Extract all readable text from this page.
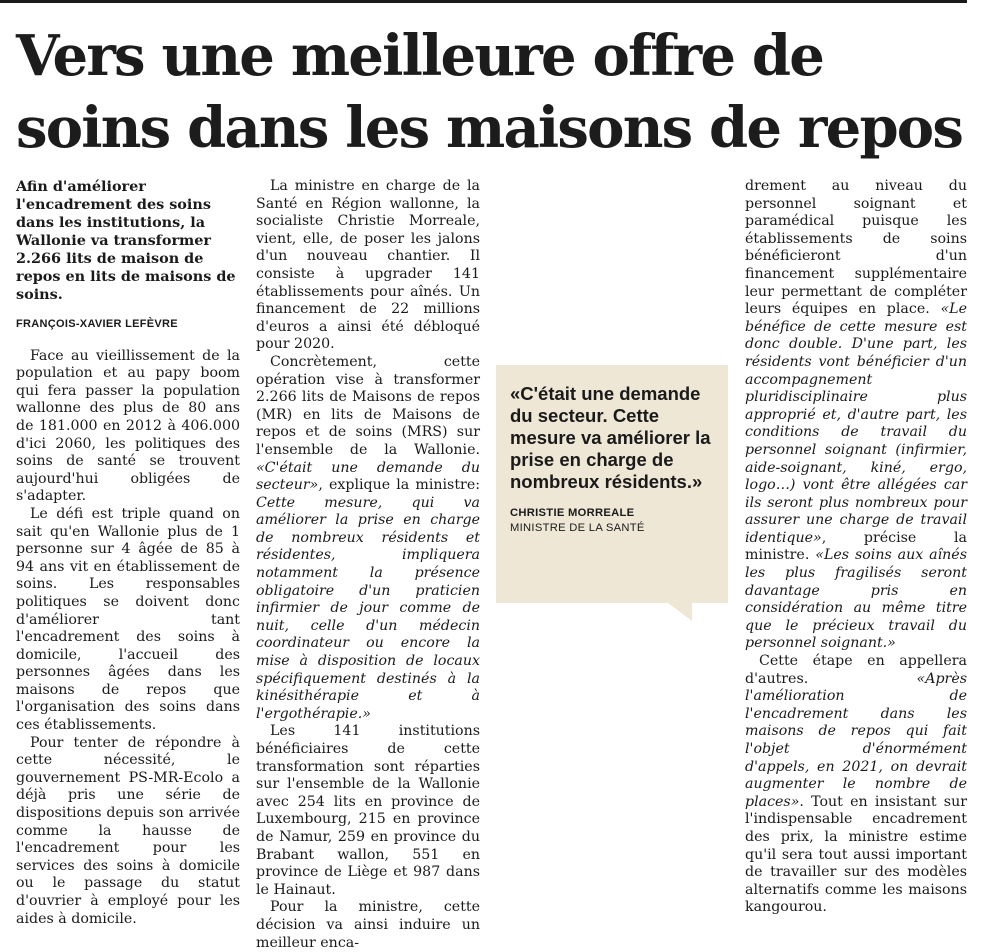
Vers une meilleure offre de soins dans les maisons de repos

Afin d'améliorer l'encadrement des soins dans les institutions, la Wallonie va transformer 2.266 lits de maison de repos en lits de maisons de soins.

FRANÇOIS-XAVIER LEFÈVRE

Face au vieillissement de la population et au papy boom qui fera passer la population wallonne des plus de 80 ans de 181.000 en 2012 à 406.000 d'ici 2060, les politiques des soins de santé se trouvent aujourd'hui obligées de s'adapter.

Le défi est triple quand on sait qu'en Wallonie plus de 1 personne sur 4 âgée de 85 à 94 ans vit en établissement de soins. Les responsables politiques se doivent donc d'améliorer tant l'encadrement des soins à domicile, l'accueil des personnes âgées dans les maisons de repos que l'organisation des soins dans ces établissements.

Pour tenter de répondre à cette nécessité, le gouvernement PS-MR-Ecolo a déjà pris une série de dispositions depuis son arrivée comme la hausse de l'encadrement pour les services des soins à domicile ou le passage du statut d'ouvrier à employé pour les aides à domicile.

La ministre en charge de la Santé en Région wallonne, la socialiste Christie Morreale, vient, elle, de poser les jalons d'un nouveau chantier. Il consiste à upgrader 141 établissements pour aînés. Un financement de 22 millions d'euros a ainsi été débloqué pour 2020.

Concrètement, cette opération vise à transformer 2.266 lits de Maisons de repos (MR) en lits de Maisons de repos et de soins (MRS) sur l'ensemble de la Wallonie. «C'était une demande du secteur», explique la ministre: Cette mesure, qui va améliorer la prise en charge de nombreux résidents et résidentes, impliquera notamment la présence obligatoire d'un praticien infirmier de jour comme de nuit, celle d'un médecin coordinateur ou encore la mise à disposition de locaux spécifiquement destinés à la kinésithérapie et à l'ergothérapie.»

Les 141 institutions bénéficiaires de cette transformation sont réparties sur l'ensemble de la Wallonie avec 254 lits en province de Luxembourg, 215 en province de Namur, 259 en province du Brabant wallon, 551 en province de Liège et 987 dans le Hainaut.

Pour la ministre, cette décision va ainsi induire un meilleur enca-

«C'était une demande du secteur. Cette mesure va améliorer la prise en charge de nombreux résidents.»
CHRISTIE MORREALE
MINISTRE DE LA SANTÉ

drement au niveau du personnel soignant et paramédical puisque les établissements de soins bénéficieront d'un financement supplémentaire leur permettant de compléter leurs équipes en place. «Le bénéfice de cette mesure est donc double. D'une part, les résidents vont bénéficier d'un accompagnement pluridisciplinaire plus approprié et, d'autre part, les conditions de travail du personnel soignant (infirmier, aide-soignant, kiné, ergo, logo…) vont être allégées car ils seront plus nombreux pour assurer une charge de travail identique», précise la ministre. «Les soins aux aînés les plus fragilisés seront davantage pris en considération au même titre que le précieux travail du personnel soignant.»

Cette étape en appellera d'autres. «Après l'amélioration de l'encadrement dans les maisons de repos qui fait l'objet d'énormément d'appels, en 2021, on devrait augmenter le nombre de places». Tout en insistant sur l'indispensable encadrement des prix, la ministre estime qu'il sera tout aussi important de travailler sur des modèles alternatifs comme les maisons kangourou.
